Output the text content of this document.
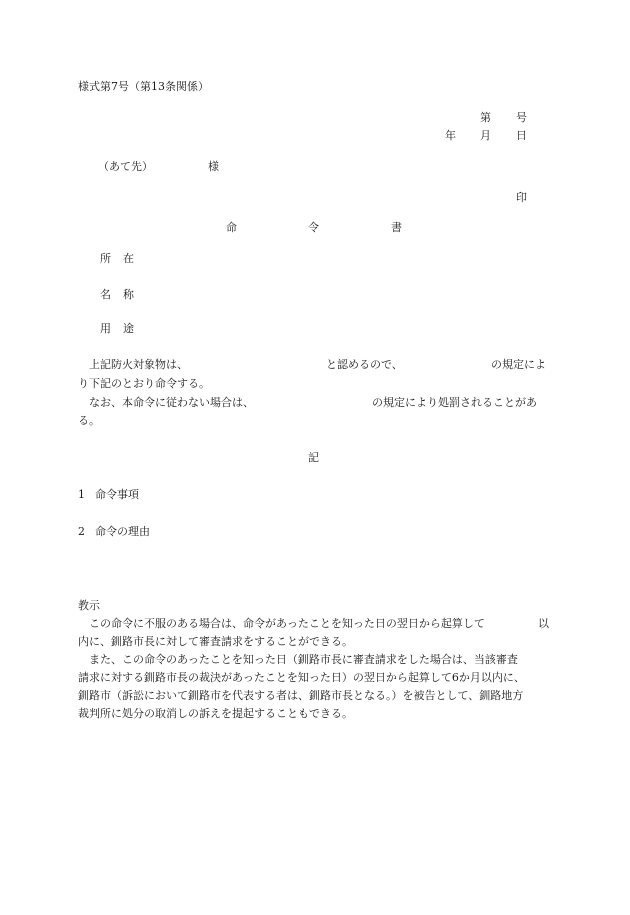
様式第7号（第13条関係）
第 号
年 月 日
（あて先）	様
印
命	令	書
所 在
名 称
用 途
上記防火対象物は、	と認めるので、	の規定によ
り下記のとおり命令する。
なお、本命令に従わない場合は、	の規定により処罰されることがあ
る。
記
1 命令事項
2 命令の理由
教示
この命令に不服のある場合は、命令があったことを知った日の翌日から起算して	以
内に、釧路市長に対して審査請求をすることができる。
また、この命令のあったことを知った日（釧路市長に審査請求をした場合は、当該審査
請求に対する釧路市長の裁決があったことを知った日）の翌日から起算して6か月以内に、
釧路市（訴訟において釧路市を代表する者は、釧路市長となる。）を被告として、釧路地方
裁判所に処分の取消しの訴えを提起することもできる。
